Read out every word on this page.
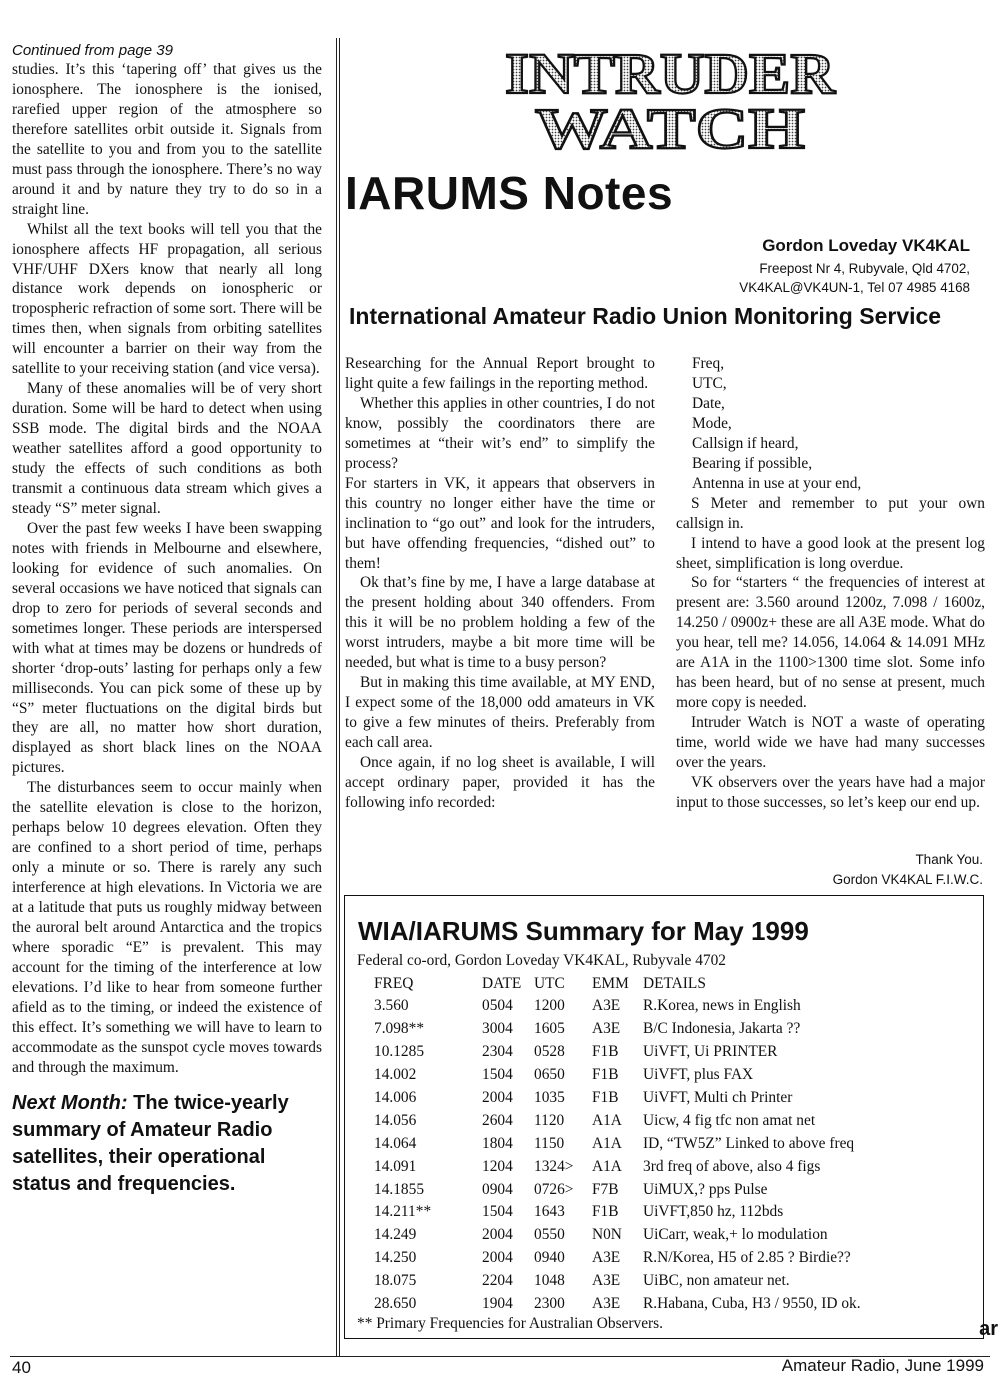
Continued from page 39

studies. It’s this ‘tapering off’ that gives us the ionosphere. The ionosphere is the ionised, rarefied upper region of the atmosphere so therefore satellites orbit outside it. Signals from the satellite to you and from you to the satellite must pass through the ionosphere. There’s no way around it and by nature they try to do so in a straight line.

Whilst all the text books will tell you that the ionosphere affects HF propagation, all serious VHF/UHF DXers know that nearly all long distance work depends on ionospheric or tropospheric refraction of some sort. There will be times then, when signals from orbiting satellites will encounter a barrier on their way from the satellite to your receiving station (and vice versa).

Many of these anomalies will be of very short duration. Some will be hard to detect when using SSB mode. The digital birds and the NOAA weather satellites afford a good opportunity to study the effects of such conditions as both transmit a continuous data stream which gives a steady “S” meter signal.

Over the past few weeks I have been swapping notes with friends in Melbourne and elsewhere, looking for evidence of such anomalies. On several occasions we have noticed that signals can drop to zero for periods of several seconds and sometimes longer. These periods are interspersed with what at times may be dozens or hundreds of shorter ‘drop-outs’ lasting for perhaps only a few milliseconds. You can pick some of these up by “S” meter fluctuations on the digital birds but they are all, no matter how short duration, displayed as short black lines on the NOAA pictures.

The disturbances seem to occur mainly when the satellite elevation is close to the horizon, perhaps below 10 degrees elevation. Often they are confined to a short period of time, perhaps only a minute or so. There is rarely any such interference at high elevations. In Victoria we are at a latitude that puts us roughly midway between the auroral belt around Antarctica and the tropics where sporadic “E” is prevalent. This may account for the timing of the interference at low elevations. I’d like to hear from someone further afield as to the timing, or indeed the existence of this effect. It’s something we will have to learn to accommodate as the sunspot cycle moves towards and through the maximum.

Next Month: The twice-yearly summary of Amateur Radio satellites, their operational status and frequencies.
ar
INTRUDER
WATCH
IARUMS Notes
Gordon Loveday VK4KAL
Freepost Nr 4, Rubyvale, Qld 4702,
VK4KAL@VK4UN-1, Tel 07 4985 4168
International Amateur Radio Union Monitoring Service

Researching for the Annual Report brought to light quite a few failings in the reporting method.

Whether this applies in other countries, I do not know, possibly the coordinators there are sometimes at “their wit’s end” to simplify the process?

For starters in VK, it appears that observers in this country no longer either have the time or inclination to “go out” and look for the intruders, but have offending frequencies, “dished out” to them!

Ok that’s fine by me, I have a large database at the present holding about 340 offenders. From this it will be no problem holding a few of the worst intruders, maybe a bit more time will be needed, but what is time to a busy person?

But in making this time available, at MY END, I expect some of the 18,000 odd amateurs in VK to give a few minutes of theirs. Preferably from each call area.

Once again, if no log sheet is available, I will accept ordinary paper, provided it has the following info recorded:

Freq,
UTC,
Date,
Mode,
Callsign if heard,
Bearing if possible,
Antenna in use at your end,

S Meter and remember to put your own callsign in.

I intend to have a good look at the present log sheet, simplification is long overdue.

So for “starters “ the frequencies of interest at present are: 3.560 around 1200z, 7.098 / 1600z, 14.250 / 0900z+ these are all A3E mode. What do you hear, tell me? 14.056, 14.064 & 14.091 MHz are A1A in the 1100>1300 time slot. Some info has been heard, but of no sense at present, much more copy is needed.

Intruder Watch is NOT a waste of operating time, world wide we have had many successes over the years.

VK observers over the years have had a major input to those successes, so let’s keep our end up.

Thank You.
Gordon VK4KAL F.I.W.C.
WIA/IARUMS Summary for May 1999
Federal co-ord, Gordon Loveday VK4KAL, Rubyvale 4702
FREQ	DATE	UTC	EMM	DETAILS
3.560	0504	1200	A3E	R.Korea, news in English
7.098**	3004	1605	A3E	B/C Indonesia, Jakarta ??
10.1285	2304	0528	F1B	UiVFT, Ui PRINTER
14.002	1504	0650	F1B	UiVFT, plus FAX
14.006	2004	1035	F1B	UiVFT, Multi ch Printer
14.056	2604	1120	A1A	Uicw, 4 fig tfc non amat net
14.064	1804	1150	A1A	ID, “TW5Z” Linked to above freq
14.091	1204	1324>	A1A	3rd freq of above, also 4 figs
14.1855	0904	0726>	F7B	UiMUX,? pps Pulse
14.211**	1504	1643	F1B	UiVFT,850 hz, 112bds
14.249	2004	0550	N0N	UiCarr, weak,+ lo modulation
14.250	2004	0940	A3E	R.N/Korea, H5 of 2.85 ? Birdie??
18.075	2204	1048	A3E	UiBC, non amateur net.
28.650	1904	2300	A3E	R.Habana, Cuba, H3 / 9550, ID ok.
** Primary Frequencies for Australian Observers.
40	Amateur Radio, June 1999
